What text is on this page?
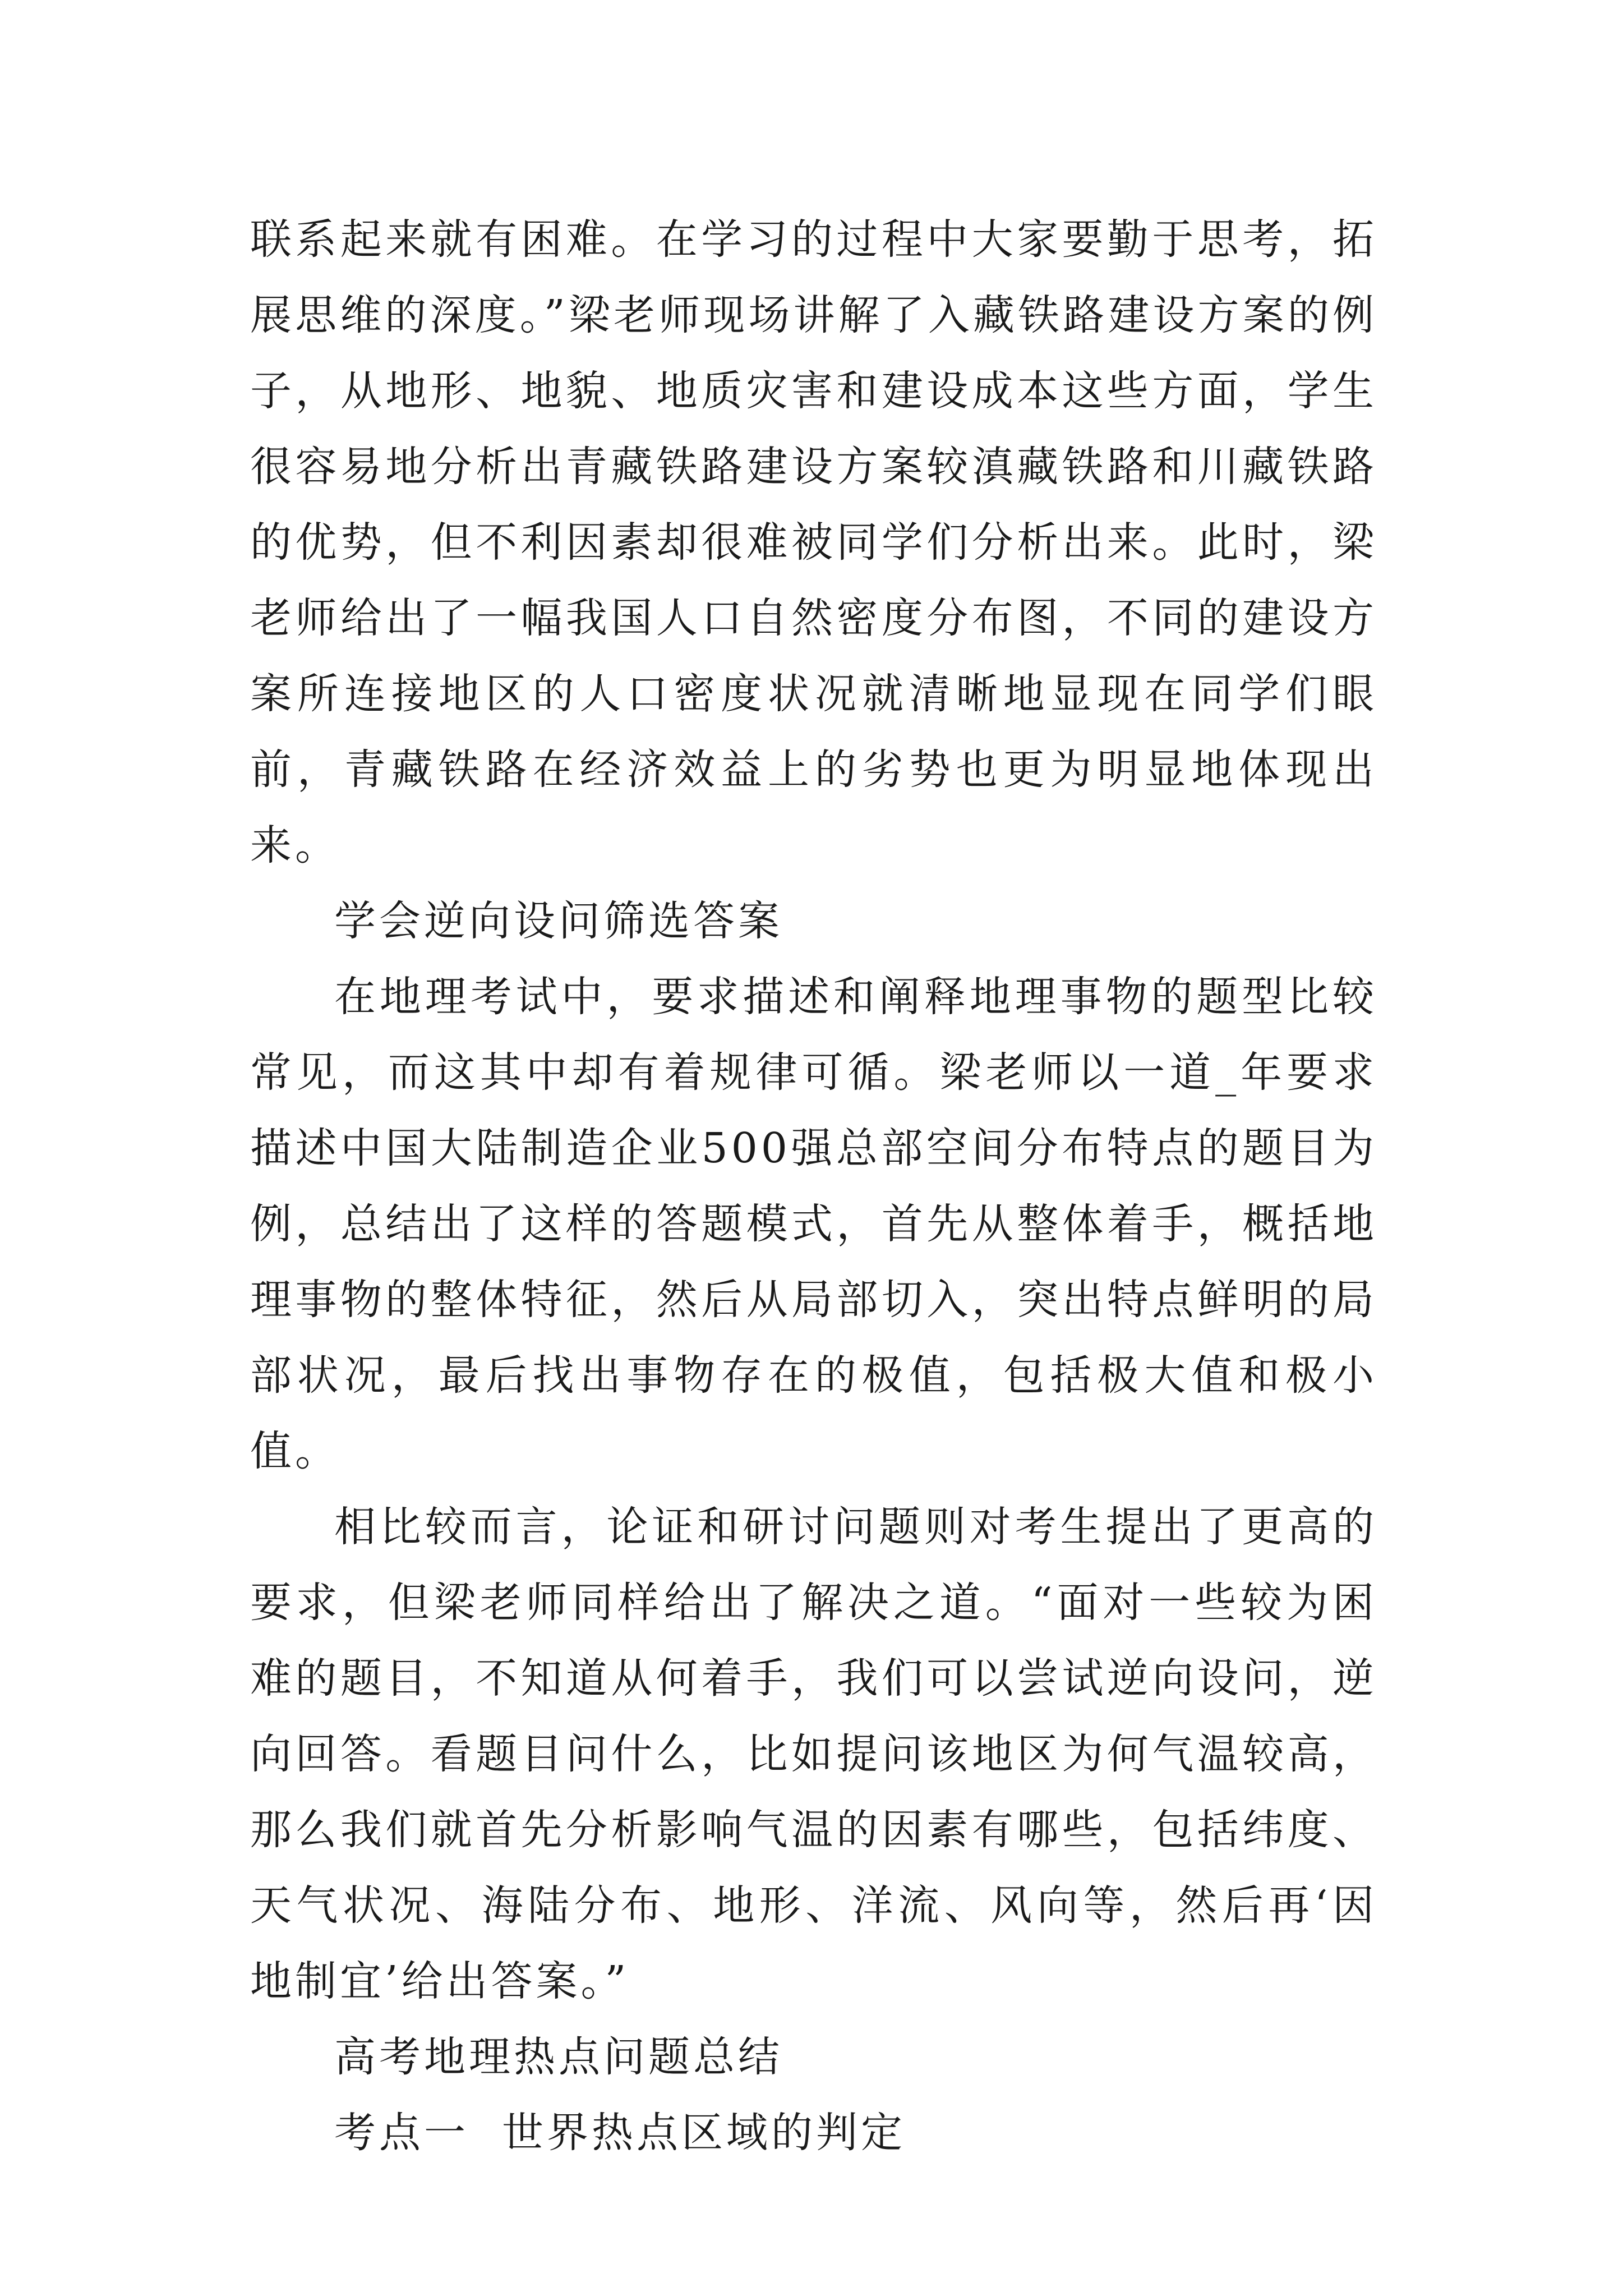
联系起来就有困难。在学习的过程中大家要勤于思考，拓展思维的深度。”梁老师现场讲解了入藏铁路建设方案的例子，从地形、地貌、地质灾害和建设成本这些方面，学生很容易地分析出青藏铁路建设方案较滇藏铁路和川藏铁路的优势，但不利因素却很难被同学们分析出来。此时，梁老师给出了一幅我国人口自然密度分布图，不同的建设方案所连接地区的人口密度状况就清晰地显现在同学们眼前，青藏铁路在经济效益上的劣势也更为明显地体现出来。

学会逆向设问筛选答案

在地理考试中，要求描述和阐释地理事物的题型比较常见，而这其中却有着规律可循。梁老师以一道_年要求描述中国大陆制造企业500强总部空间分布特点的题目为例，总结出了这样的答题模式，首先从整体着手，概括地理事物的整体特征，然后从局部切入，突出特点鲜明的局部状况，最后找出事物存在的极值，包括极大值和极小值。

相比较而言，论证和研讨问题则对考生提出了更高的要求，但梁老师同样给出了解决之道。“面对一些较为困难的题目，不知道从何着手，我们可以尝试逆向设问，逆向回答。看题目问什么，比如提问该地区为何气温较高，那么我们就首先分析影响气温的因素有哪些，包括纬度、天气状况、海陆分布、地形、洋流、风向等，然后再‘因地制宜’给出答案。”

高考地理热点问题总结

考点一  世界热点区域的判定
